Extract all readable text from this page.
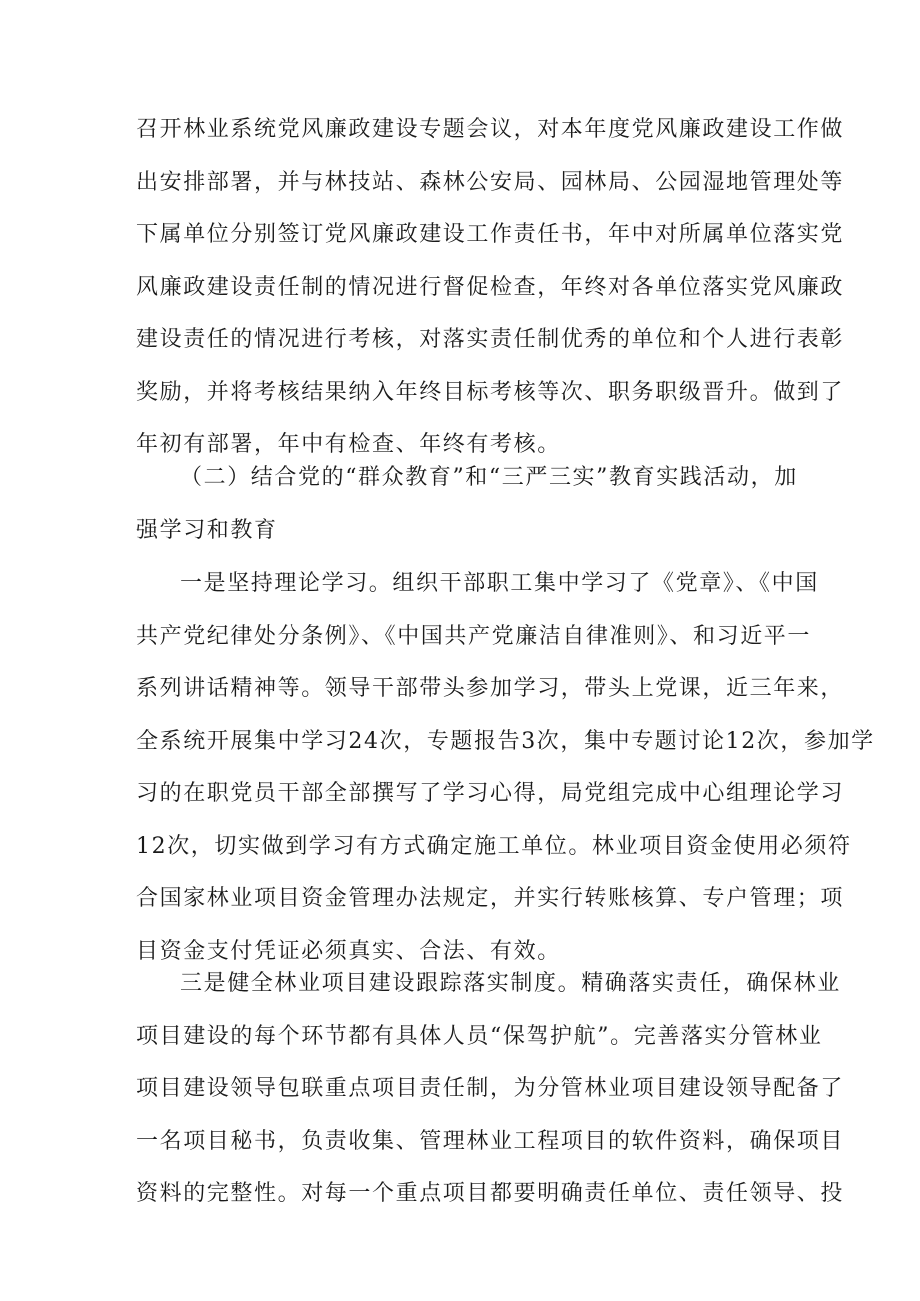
召开林业系统党风廉政建设专题会议，对本年度党风廉政建设工作做
出安排部署，并与林技站、森林公安局、园林局、公园湿地管理处等
下属单位分别签订党风廉政建设工作责任书，年中对所属单位落实党
风廉政建设责任制的情况进行督促检查，年终对各单位落实党风廉政
建设责任的情况进行考核，对落实责任制优秀的单位和个人进行表彰
奖励，并将考核结果纳入年终目标考核等次、职务职级晋升。做到了
年初有部署，年中有检查、年终有考核。
（二）结合党的“群众教育”和“三严三实”教育实践活动，加
强学习和教育
一是坚持理论学习。组织干部职工集中学习了《党章》、《中国
共产党纪律处分条例》、《中国共产党廉洁自律准则》、和习近平一
系列讲话精神等。领导干部带头参加学习，带头上党课，近三年来，
全系统开展集中学习24次，专题报告3次，集中专题讨论12次，参加学
习的在职党员干部全部撰写了学习心得，局党组完成中心组理论学习
12次，切实做到学习有方式确定施工单位。林业项目资金使用必须符
合国家林业项目资金管理办法规定，并实行转账核算、专户管理；项
目资金支付凭证必须真实、合法、有效。
三是健全林业项目建设跟踪落实制度。精确落实责任，确保林业
项目建设的每个环节都有具体人员“保驾护航”。完善落实分管林业
项目建设领导包联重点项目责任制，为分管林业项目建设领导配备了
一名项目秘书，负责收集、管理林业工程项目的软件资料，确保项目
资料的完整性。对每一个重点项目都要明确责任单位、责任领导、投
